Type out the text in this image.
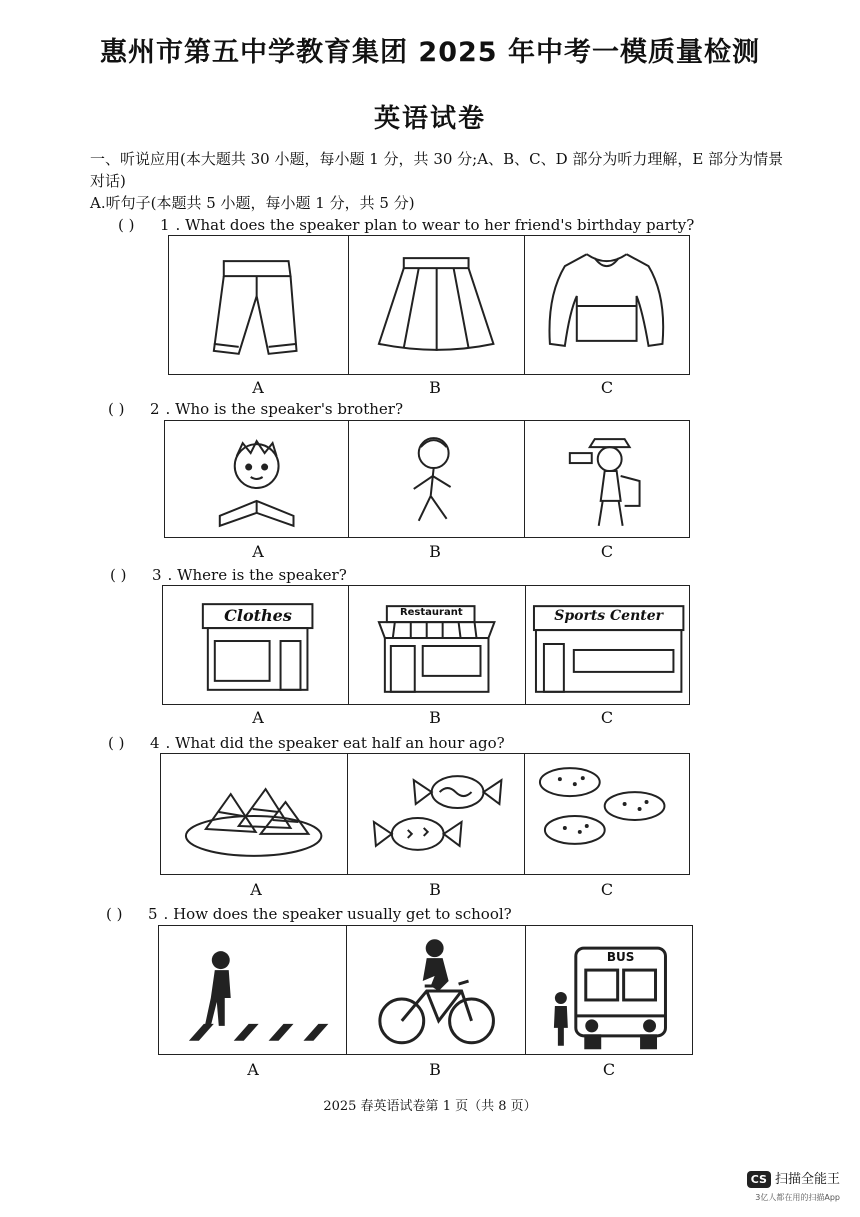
惠州市第五中学教育集团 2025 年中考一模质量检测
英语试卷
一、听说应用(本大题共 30 小题，每小题 1 分，共 30 分;A、B、C、D 部分为听力理解，E 部分为情景对话)
A.听句子(本题共 5 小题，每小题 1 分，共 5 分)
( ) 1 . What does the speaker plan to wear to her friend's birthday party?
A	B	C
( ) 2 . Who is the speaker's brother?
A	B	C
( ) 3 . Where is the speaker?
Clothes	Restaurant	Sports Center
A	B	C
( ) 4 . What did the speaker eat half an hour ago?
A	B	C
( ) 5 . How does the speaker usually get to school?
BUS
A	B	C
2025 春英语试卷第 1 页（共 8 页）
CS 扫描全能王
3亿人都在用的扫描App
